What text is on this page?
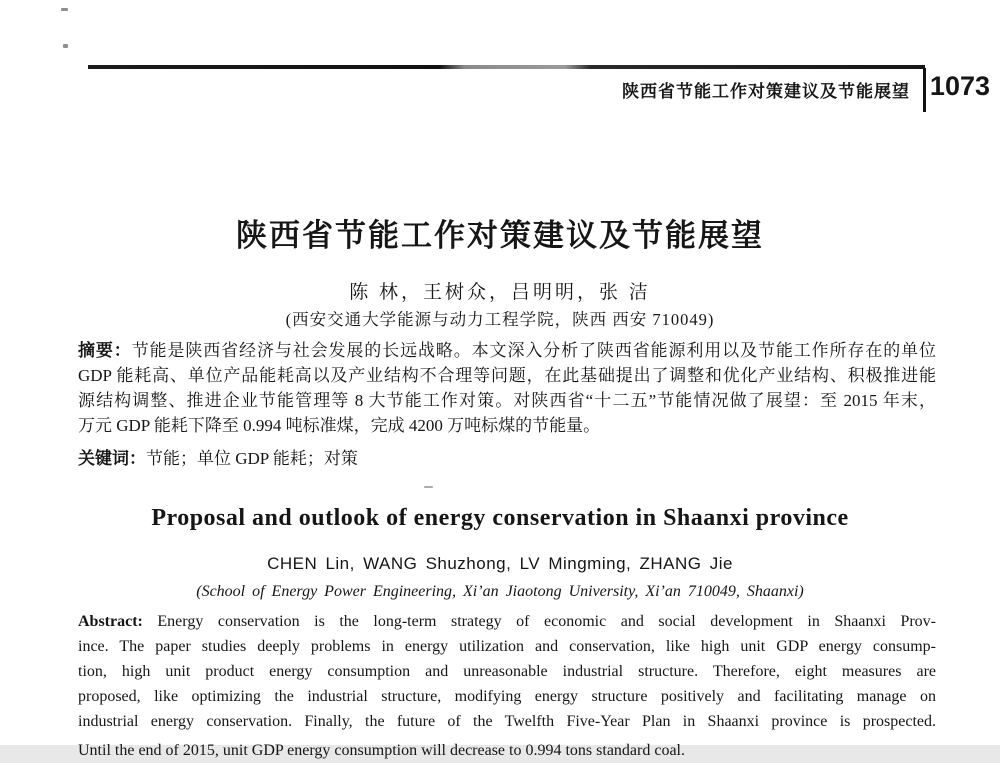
陕西省节能工作对策建议及节能展望 1073
陕西省节能工作对策建议及节能展望
陈 林，王树众，吕明明，张 洁
(西安交通大学能源与动力工程学院，陕西 西安 710049)
摘要：节能是陕西省经济与社会发展的长远战略。本文深入分析了陕西省能源利用以及节能工作所存在的单位
GDP 能耗高、单位产品能耗高以及产业结构不合理等问题，在此基础提出了调整和优化产业结构、积极推进能
源结构调整、推进企业节能管理等 8 大节能工作对策。对陕西省“十二五”节能情况做了展望：至 2015 年末，
万元 GDP 能耗下降至 0.994 吨标准煤，完成 4200 万吨标煤的节能量。
关键词：节能；单位 GDP 能耗；对策
Proposal and outlook of energy conservation in Shaanxi province
CHEN Lin, WANG Shuzhong, LV Mingming, ZHANG Jie
(School of Energy Power Engineering, Xi’an Jiaotong University, Xi’an 710049, Shaanxi)
Abstract: Energy conservation is the long-term strategy of economic and social development in Shaanxi Prov-
ince. The paper studies deeply problems in energy utilization and conservation, like high unit GDP energy consump-
tion, high unit product energy consumption and unreasonable industrial structure. Therefore, eight measures are
proposed, like optimizing the industrial structure, modifying energy structure positively and facilitating manage on
industrial energy conservation. Finally, the future of the Twelfth Five-Year Plan in Shaanxi province is prospected.
Until the end of 2015, unit GDP energy consumption will decrease to 0.994 tons standard coal.
